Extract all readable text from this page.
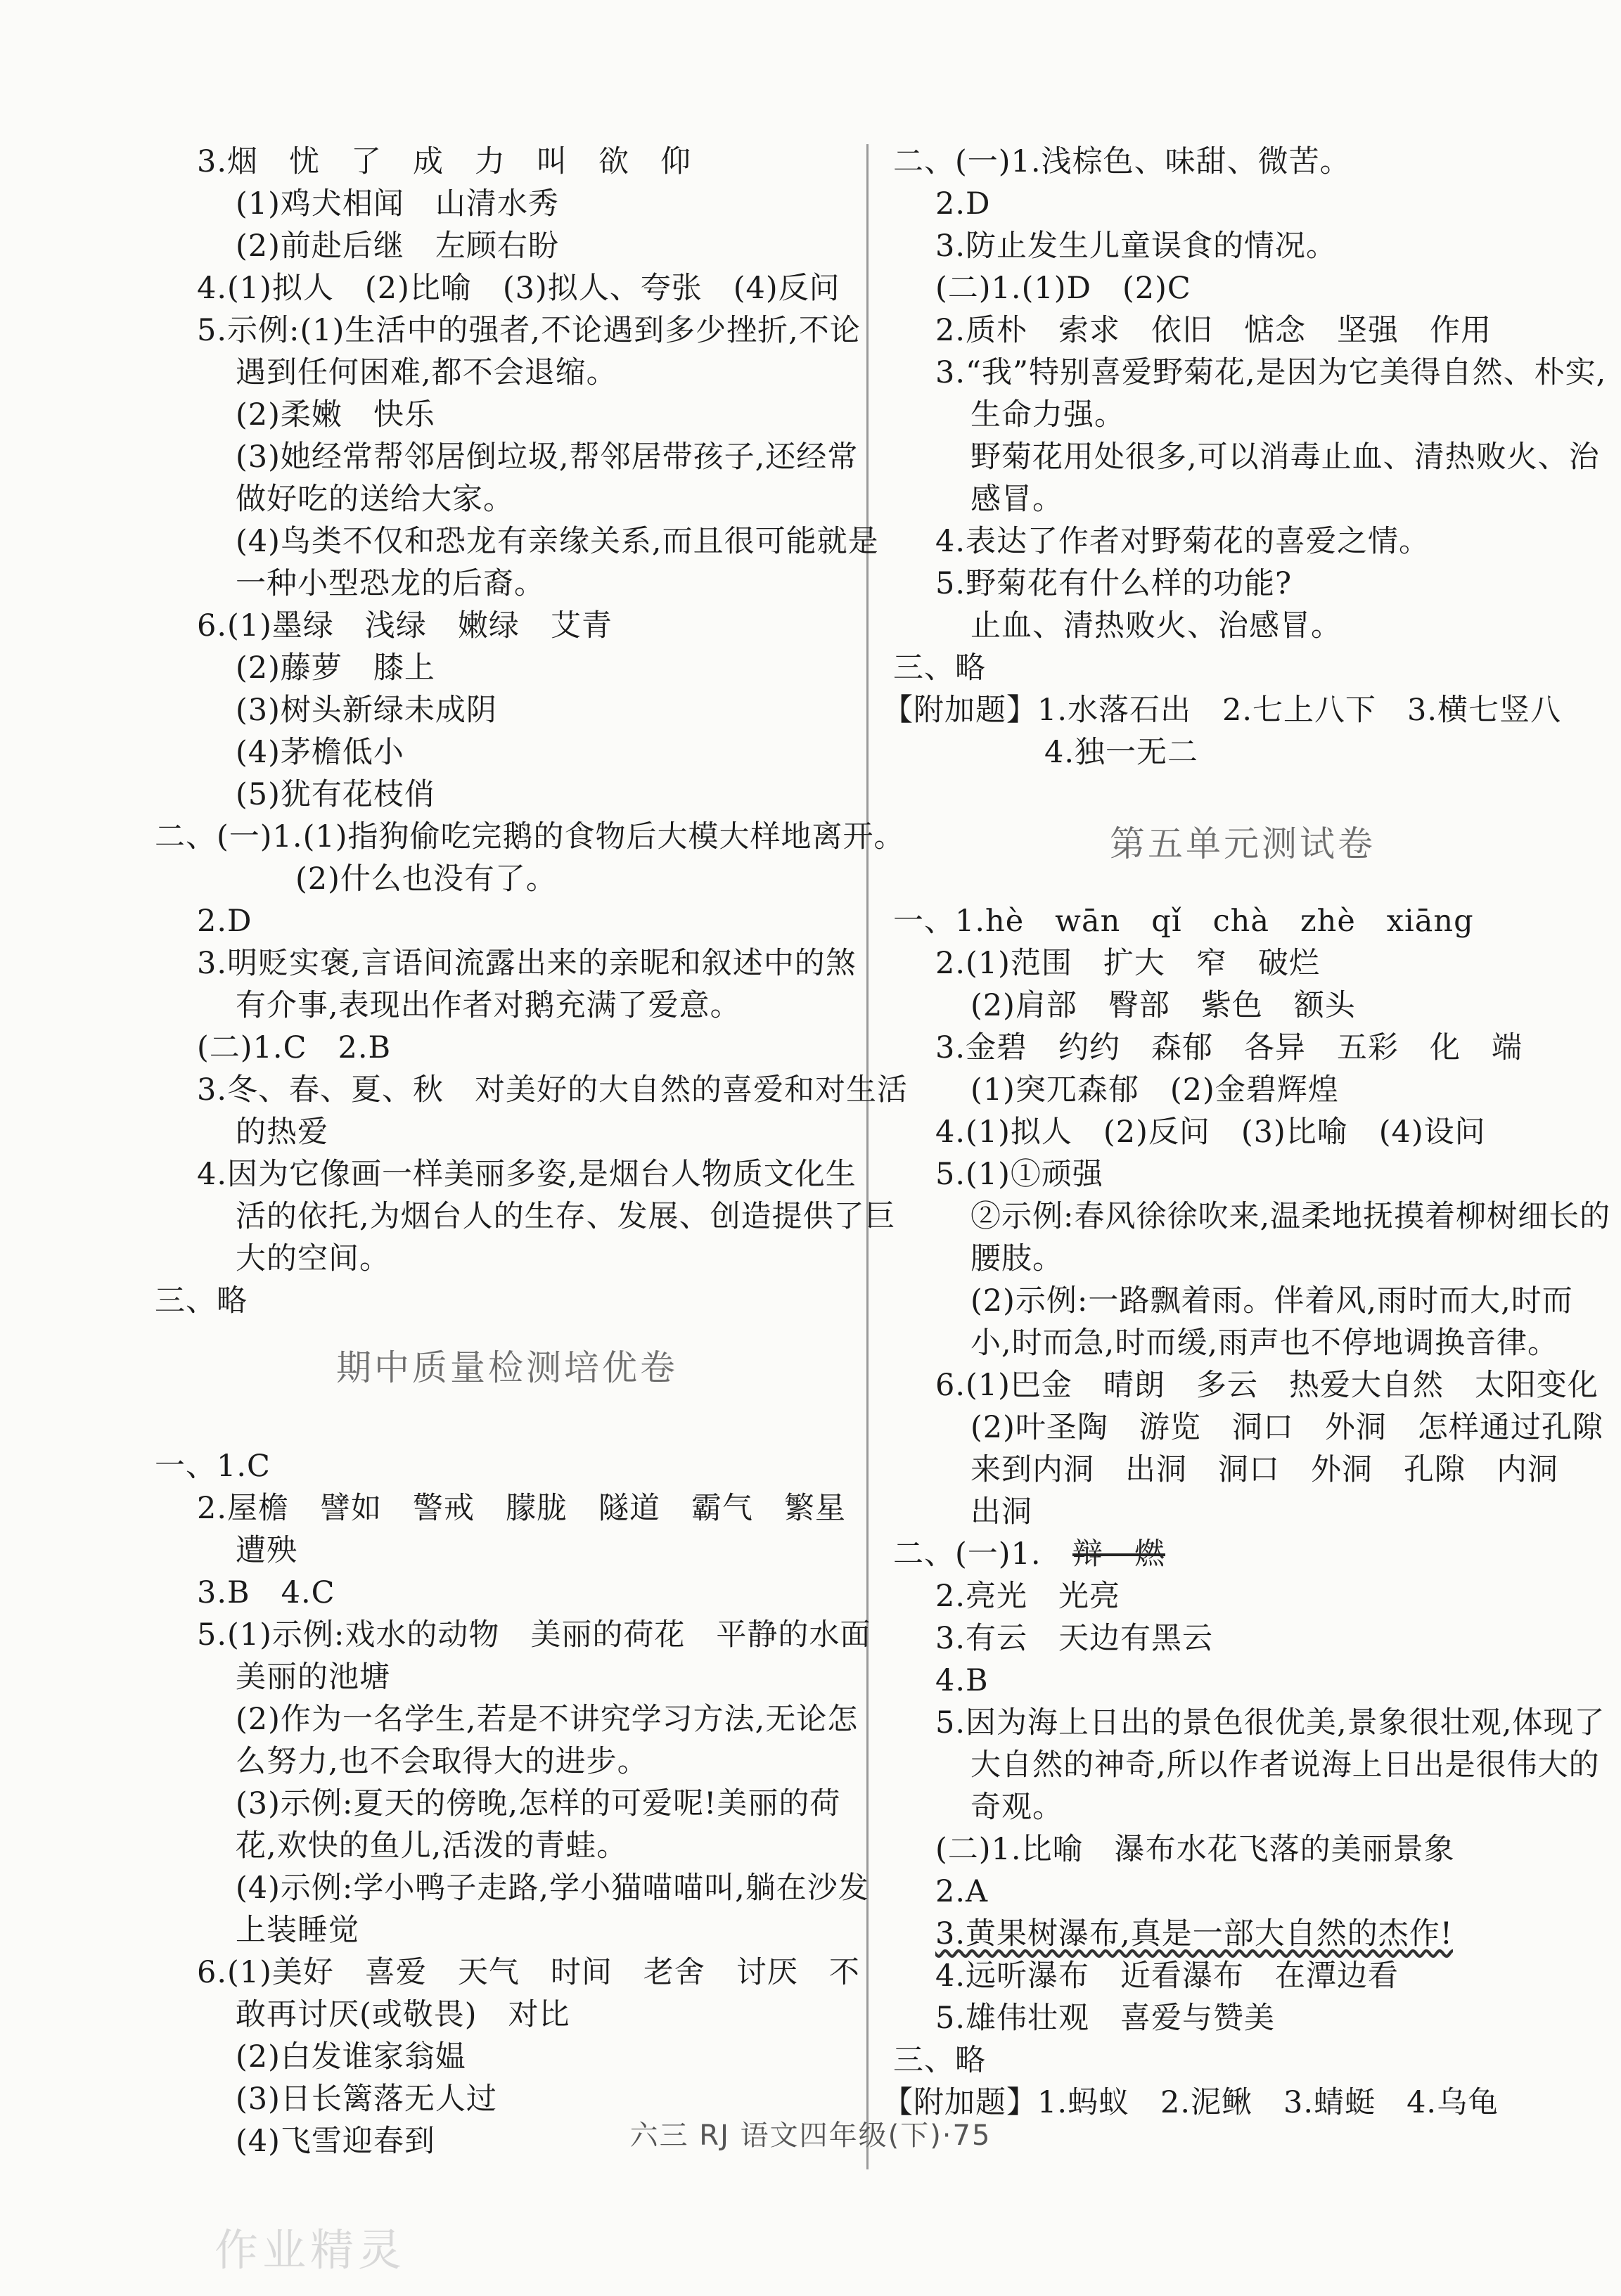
期中质量检测培优卷
第五单元测试卷
3.黄果树瀑布,真是一部大自然的杰作!
辩　燃
六三 RJ 语文四年级(下)·75
作业精灵
3.烟　忧　了　成　力　叫　欲　仰
(1)鸡犬相闻　山清水秀
(2)前赴后继　左顾右盼
4.(1)拟人　(2)比喻　(3)拟人、夸张　(4)反问
5.示例:(1)生活中的强者,不论遇到多少挫折,不论
遇到任何困难,都不会退缩。
(2)柔嫩　快乐
(3)她经常帮邻居倒垃圾,帮邻居带孩子,还经常
做好吃的送给大家。
(4)鸟类不仅和恐龙有亲缘关系,而且很可能就是
一种小型恐龙的后裔。
6.(1)墨绿　浅绿　嫩绿　艾青
(2)藤萝　膝上
(3)树头新绿未成阴
(4)茅檐低小
(5)犹有花枝俏
二、(一)1.(1)指狗偷吃完鹅的食物后大模大样地离开。
(2)什么也没有了。
2.D
3.明贬实褒,言语间流露出来的亲昵和叙述中的煞
有介事,表现出作者对鹅充满了爱意。
(二)1.C　2.B
3.冬、春、夏、秋　对美好的大自然的喜爱和对生活
的热爱
4.因为它像画一样美丽多姿,是烟台人物质文化生
活的依托,为烟台人的生存、发展、创造提供了巨
大的空间。
三、略
一、1.C
2.屋檐　譬如　警戒　朦胧　隧道　霸气　繁星
遭殃
3.B　4.C
5.(1)示例:戏水的动物　美丽的荷花　平静的水面
美丽的池塘
(2)作为一名学生,若是不讲究学习方法,无论怎
么努力,也不会取得大的进步。
(3)示例:夏天的傍晚,怎样的可爱呢!美丽的荷
花,欢快的鱼儿,活泼的青蛙。
(4)示例:学小鸭子走路,学小猫喵喵叫,躺在沙发
上装睡觉
6.(1)美好　喜爱　天气　时间　老舍　讨厌　不
敢再讨厌(或敬畏)　对比
(2)白发谁家翁媪
(3)日长篱落无人过
(4)飞雪迎春到
二、(一)1.浅棕色、味甜、微苦。
2.D
3.防止发生儿童误食的情况。
(二)1.(1)D　(2)C
2.质朴　索求　依旧　惦念　坚强　作用
3.“我”特别喜爱野菊花,是因为它美得自然、朴实,
生命力强。
野菊花用处很多,可以消毒止血、清热败火、治
感冒。
4.表达了作者对野菊花的喜爱之情。
5.野菊花有什么样的功能?
止血、清热败火、治感冒。
三、略
【附加题】1.水落石出　2.七上八下　3.横七竖八
4.独一无二
一、1.hè　wān　qǐ　chà　zhè　xiāng
2.(1)范围　扩大　窄　破烂
(2)肩部　臀部　紫色　额头
3.金碧　约约　森郁　各异　五彩　化　端
(1)突兀森郁　(2)金碧辉煌
4.(1)拟人　(2)反问　(3)比喻　(4)设问
5.(1)①顽强
②示例:春风徐徐吹来,温柔地抚摸着柳树细长的
腰肢。
(2)示例:一路飘着雨。伴着风,雨时而大,时而
小,时而急,时而缓,雨声也不停地调换音律。
6.(1)巴金　晴朗　多云　热爱大自然　太阳变化
(2)叶圣陶　游览　洞口　外洞　怎样通过孔隙
来到内洞　出洞　洞口　外洞　孔隙　内洞
出洞
二、(一)1.
2.亮光　光亮
3.有云　天边有黑云
4.B
5.因为海上日出的景色很优美,景象很壮观,体现了
大自然的神奇,所以作者说海上日出是很伟大的
奇观。
(二)1.比喻　瀑布水花飞落的美丽景象
2.A
4.远听瀑布　近看瀑布　在潭边看
5.雄伟壮观　喜爱与赞美
三、略
【附加题】1.蚂蚁　2.泥鳅　3.蜻蜓　4.乌龟
